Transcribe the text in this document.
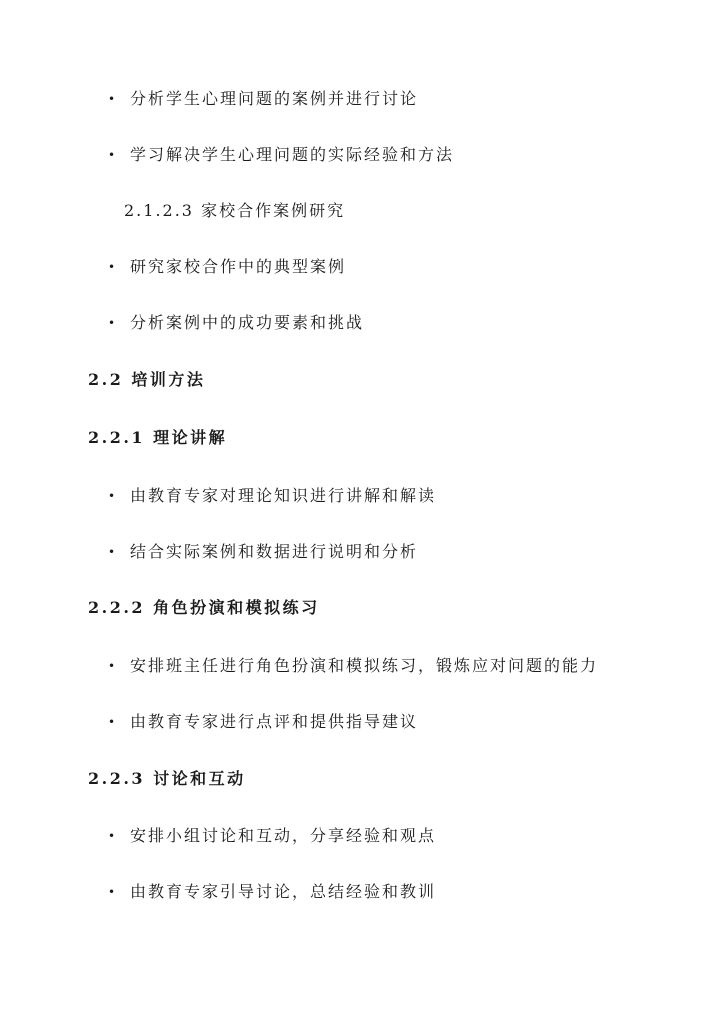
• 分析学生心理问题的案例并进行讨论
• 学习解决学生心理问题的实际经验和方法
2.1.2.3 家校合作案例研究
• 研究家校合作中的典型案例
• 分析案例中的成功要素和挑战
2.2 培训方法
2.2.1 理论讲解
• 由教育专家对理论知识进行讲解和解读
• 结合实际案例和数据进行说明和分析
2.2.2 角色扮演和模拟练习
• 安排班主任进行角色扮演和模拟练习，锻炼应对问题的能力
• 由教育专家进行点评和提供指导建议
2.2.3 讨论和互动
• 安排小组讨论和互动，分享经验和观点
• 由教育专家引导讨论，总结经验和教训
